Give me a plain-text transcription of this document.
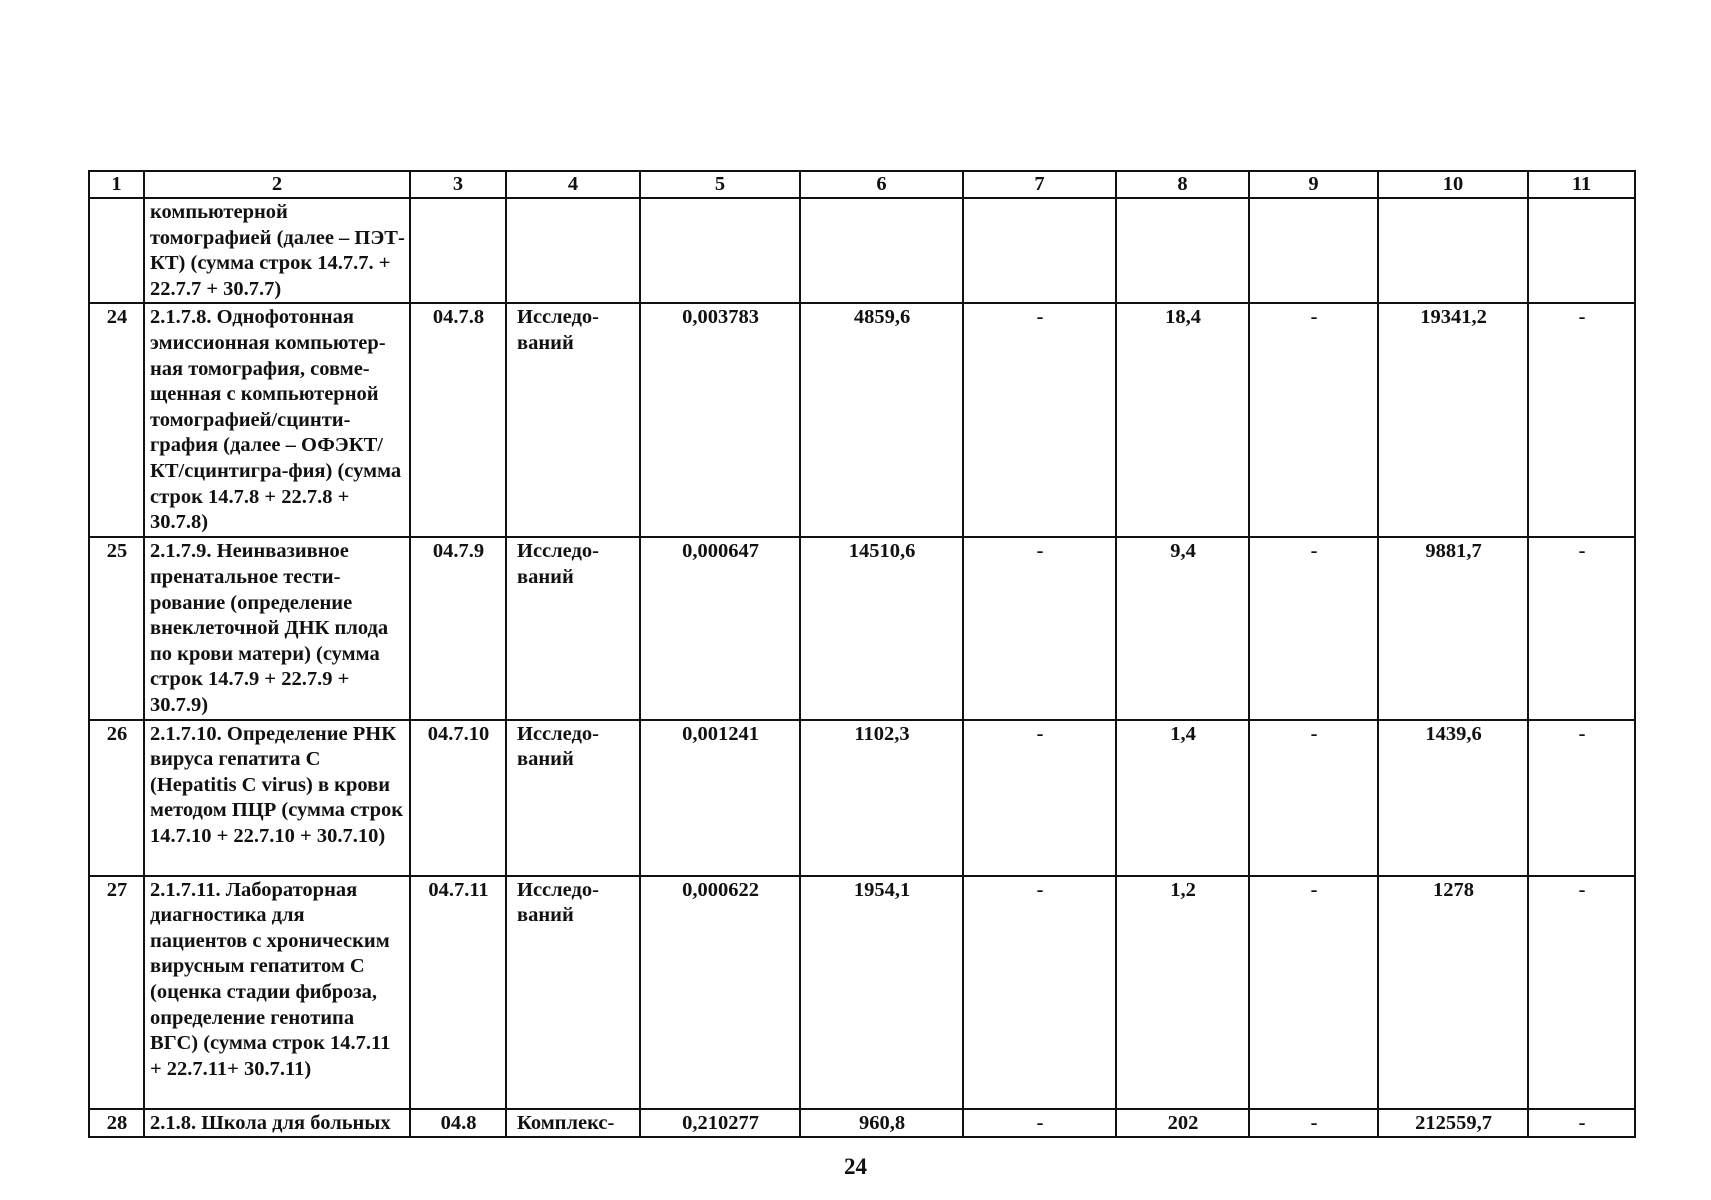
1	2	3	4	5	6	7	8	9	10	11
	компьютерной томографией (далее – ПЭТ-КТ) (сумма строк 14.7.7. + 22.7.7 + 30.7.7)									
24	2.1.7.8. Однофотонная эмиссионная компьютер-ная томография, совме-щенная с компьютерной томографией/сцинти-графия (далее – ОФЭКТ/КТ/сцинтигра-фия) (сумма строк 14.7.8 + 22.7.8 + 30.7.8)	04.7.8	Исследо-ваний	0,003783	4859,6	-	18,4	-	19341,2	-
25	2.1.7.9. Неинвазивное пренатальное тести-рование (определение внеклеточной ДНК плода по крови матери) (сумма строк 14.7.9 + 22.7.9 + 30.7.9)	04.7.9	Исследо-ваний	0,000647	14510,6	-	9,4	-	9881,7	-
26	2.1.7.10. Определение РНК вируса гепатита С (Hepatitis C virus) в крови методом ПЦР (сумма строк 14.7.10 + 22.7.10 + 30.7.10)	04.7.10	Исследо-ваний	0,001241	1102,3	-	1,4	-	1439,6	-
27	2.1.7.11. Лабораторная диагностика для пациентов с хроническим вирусным гепатитом С (оценка стадии фиброза, определение генотипа ВГС) (сумма строк 14.7.11 + 22.7.11+ 30.7.11)	04.7.11	Исследо-ваний	0,000622	1954,1	-	1,2	-	1278	-
28	2.1.8. Школа для больных	04.8	Комплекс-	0,210277	960,8	-	202	-	212559,7	-
24
